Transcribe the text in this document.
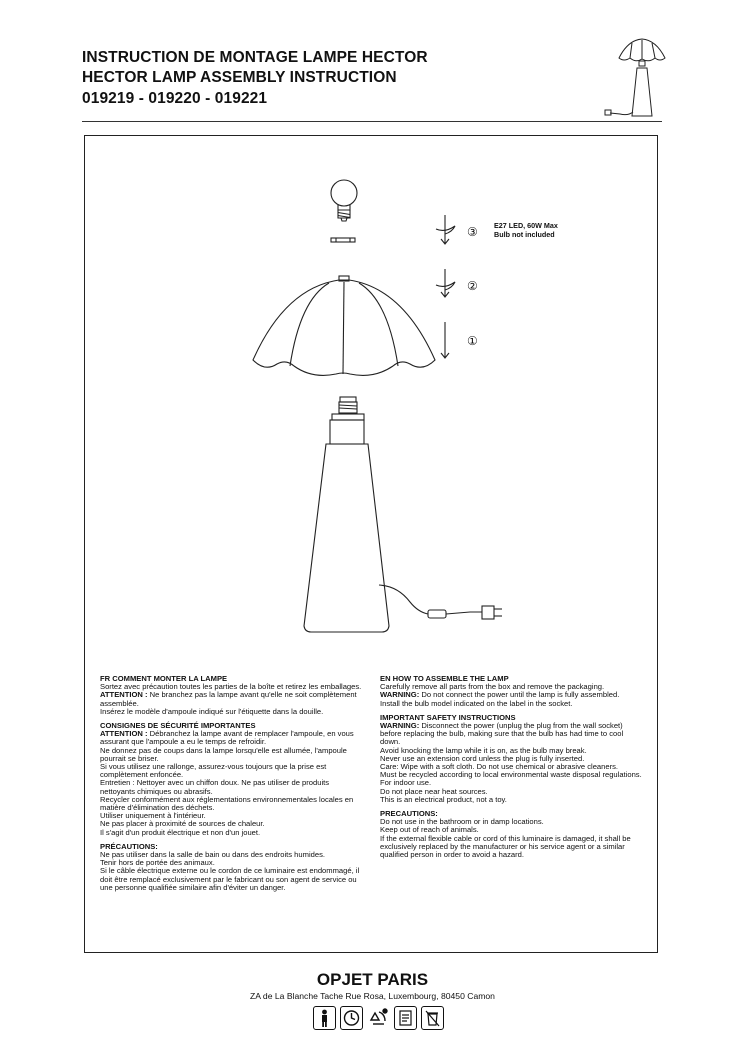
INSTRUCTION DE MONTAGE LAMPE HECTOR
HECTOR LAMP ASSEMBLY INSTRUCTION
019219 - 019220 - 019221
③
②
①
E27 LED, 60W Max
Bulb not included
FR COMMENT MONTER LA LAMPE
Sortez avec précaution toutes les parties de la boîte et retirez les emballages.
ATTENTION : Ne branchez pas la lampe avant qu'elle ne soit complètement assemblée.
Insérez le modèle d'ampoule indiqué sur l'étiquette dans la douille.
CONSIGNES DE SÉCURITÉ IMPORTANTES
ATTENTION : Débranchez la lampe avant de remplacer l'ampoule, en vous assurant que l'ampoule a eu le temps de refroidir.
Ne donnez pas de coups dans la lampe lorsqu'elle est allumée, l'ampoule pourrait se briser.
Si vous utilisez une rallonge, assurez-vous toujours que la prise est complètement enfoncée.
Entretien : Nettoyer avec un chiffon doux. Ne pas utiliser de produits nettoyants chimiques ou abrasifs.
Recycler conformément aux réglementations environnementales locales en matière d'élimination des déchets.
Utiliser uniquement à l'intérieur.
Ne pas placer à proximité de sources de chaleur.
Il s'agit d'un produit électrique et non d'un jouet.
PRÉCAUTIONS:
Ne pas utiliser dans la salle de bain ou dans des endroits humides.
Tenir hors de portée des animaux.
Si le câble électrique externe ou le cordon de ce luminaire est endommagé, il doit être remplacé exclusivement par le fabricant ou son agent de service ou une personne qualifiée similaire afin d'éviter un danger.
EN HOW TO ASSEMBLE THE LAMP
Carefully remove all parts from the box and remove the packaging.
WARNING: Do not connect the power until the lamp is fully assembled.
Install the bulb model indicated on the label in the socket.
IMPORTANT SAFETY INSTRUCTIONS
WARNING: Disconnect the power (unplug the plug from the wall socket) before replacing the bulb, making sure that the bulb has had time to cool down.
Avoid knocking the lamp while it is on, as the bulb may break.
Never use an extension cord unless the plug is fully inserted.
Care: Wipe with a soft cloth. Do not use chemical or abrasive cleaners.
Must be recycled according to local environmental waste disposal regulations.
For indoor use.
Do not place near heat sources.
This is an electrical product, not a toy.
PRECAUTIONS:
Do not use in the bathroom or in damp locations.
Keep out of reach of animals.
If the external flexible cable or cord of this luminaire is damaged, it shall be exclusively replaced by the manufacturer or his service agent or a similar qualified person in order to avoid a hazard.
OPJET PARIS
ZA de La Blanche Tache Rue Rosa, Luxembourg, 80450 Camon
